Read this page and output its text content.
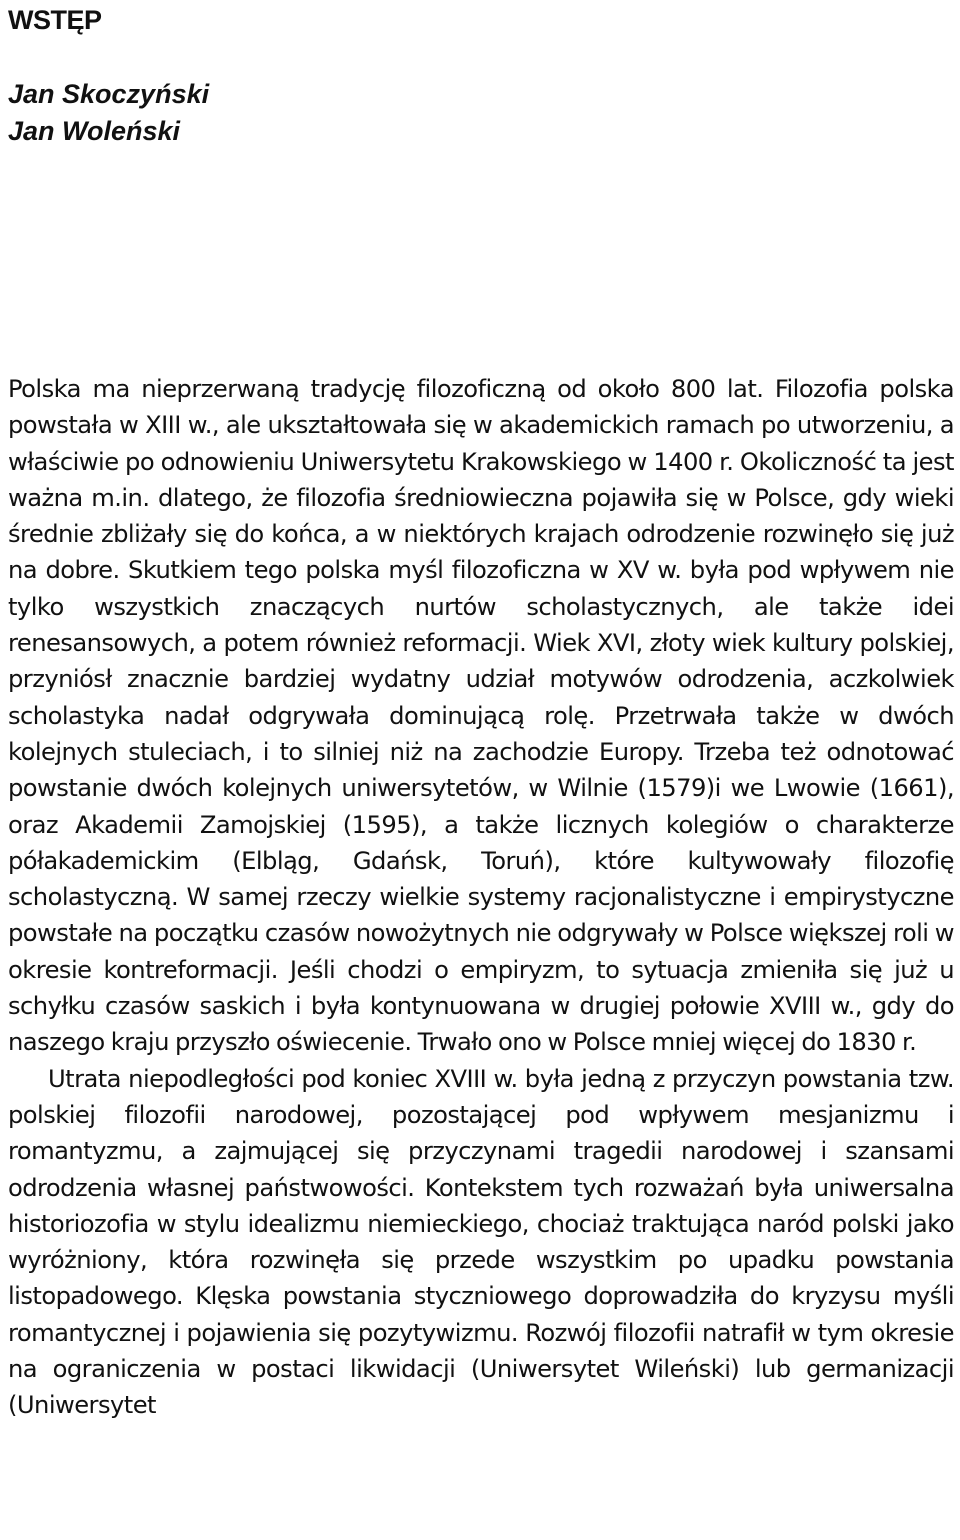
WSTĘP
Jan Skoczyński
Jan Woleński

Polska ma nieprzerwaną tradycję filozoficzną od około 800 lat. Filozofia polska powstała w XIII w., ale ukształtowała się w akademickich ramach po utworzeniu, a właściwie po odnowieniu Uniwersytetu Krakowskiego w 1400 r. Okoliczność ta jest ważna m.in. dlatego, że filozofia średniowieczna pojawiła się w Polsce, gdy wieki średnie zbliżały się do końca, a w niektórych krajach odrodzenie rozwinęło się już na dobre. Skutkiem tego polska myśl filozoficzna w XV w. była pod wpływem nie tylko wszystkich znaczących nurtów scholastycznych, ale także idei renesansowych, a potem również reformacji. Wiek XVI, złoty wiek kultury polskiej, przyniósł znacznie bardziej wydatny udział motywów odrodzenia, aczkolwiek scholastyka nadał odgrywała dominującą rolę. Przetrwała także w dwóch kolejnych stuleciach, i to silniej niż na zachodzie Europy. Trzeba też odnotować powstanie dwóch kolejnych uniwersytetów, w Wilnie (1579)i we Lwowie (1661), oraz Akademii Zamojskiej (1595), a także licznych kolegiów o charakterze półakademickim (Elbląg, Gdańsk, Toruń), które kultywowały filozofię scholastyczną. W samej rzeczy wielkie systemy racjonalistyczne i empirystyczne powstałe na początku czasów nowożytnych nie odgrywały w Polsce większej roli w okresie kontreformacji. Jeśli chodzi o empiryzm, to sytuacja zmieniła się już u schyłku czasów saskich i była kontynuowana w drugiej połowie XVIII w., gdy do naszego kraju przyszło oświecenie. Trwało ono w Polsce mniej więcej do 1830 r.

Utrata niepodległości pod koniec XVIII w. była jedną z przyczyn powstania tzw. polskiej filozofii narodowej, pozostającej pod wpływem mesjanizmu i romantyzmu, a zajmującej się przyczynami tragedii narodowej i szansami odrodzenia własnej państwowości. Kontekstem tych rozważań była uniwersalna historiozofia w stylu idealizmu niemieckiego, chociaż traktująca naród polski jako wyróżniony, która rozwinęła się przede wszystkim po upadku powstania listopadowego. Klęska powstania styczniowego doprowadziła do kryzysu myśli romantycznej i pojawienia się pozytywizmu. Rozwój filozofii natrafił w tym okresie na ograniczenia w postaci likwidacji (Uniwersytet Wileński) lub germanizacji (Uniwersytet
